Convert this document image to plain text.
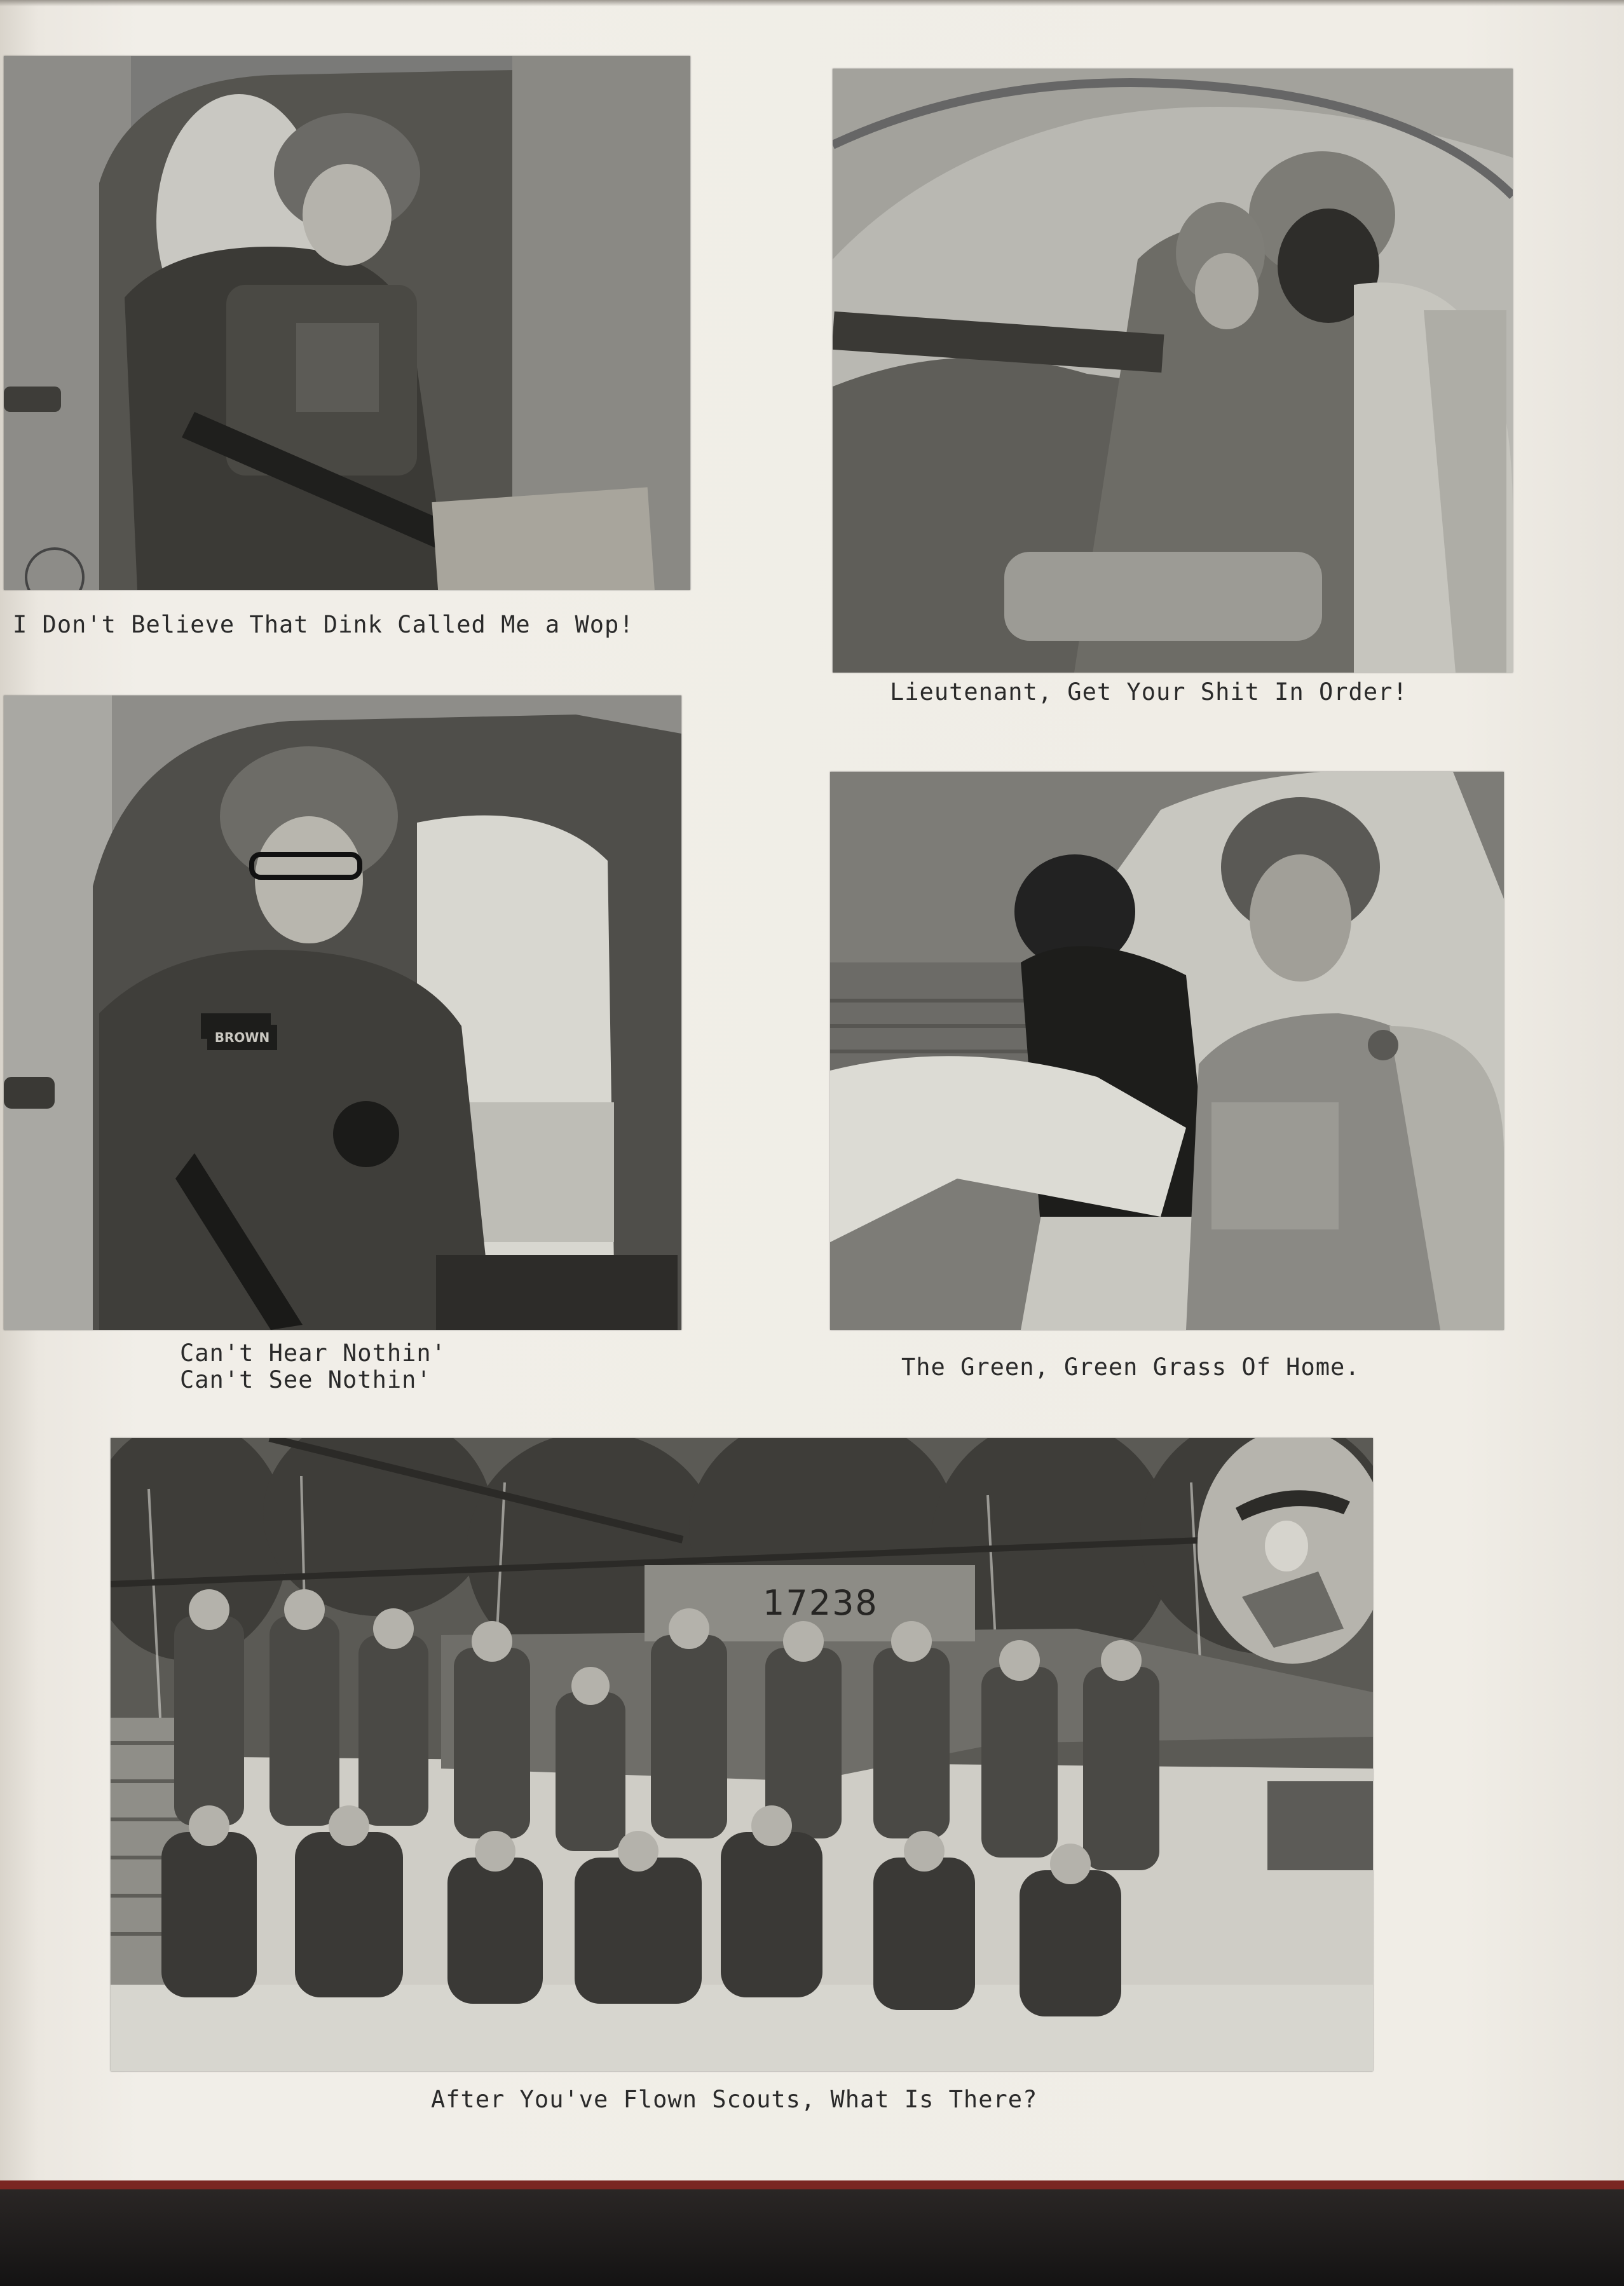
I Don't Believe That Dink Called Me a Wop!
Lieutenant, Get Your Shit In Order!
Can't Hear Nothin'
Can't See Nothin'	The Green, Green Grass Of Home.
17238
BROWN
After You've Flown Scouts, What Is There?
